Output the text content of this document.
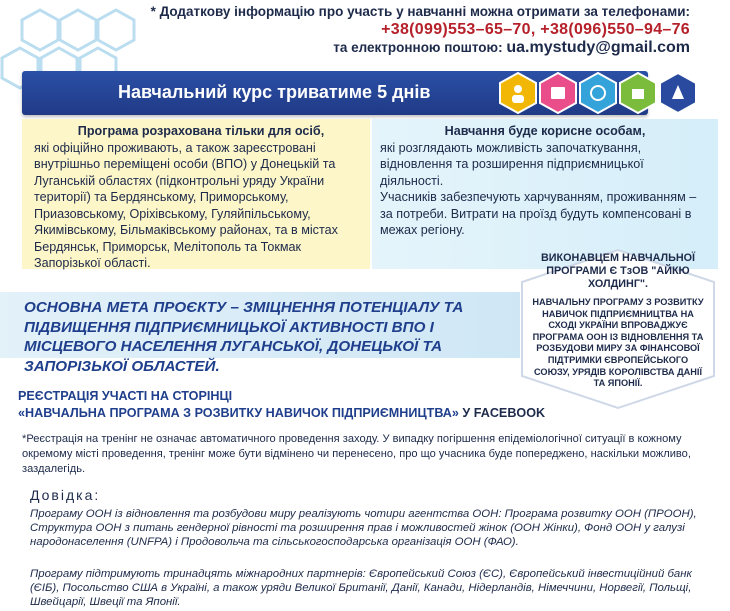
* Додаткову інформацію про участь у навчанні можна отримати за телефонами:
+38(099)553–65–70, +38(096)550–94–76
та електронною поштою: ua.mystudy@gmail.com
Навчальний курс триватиме 5 днів
Програма розрахована тільки для осіб,
які офіційно проживають, а також зареєстровані внутрішньо переміщені особи (ВПО) у Донецькій та Луганській областях (підконтрольні уряду України території) та Бердянському, Приморському, Приазовському, Оріхівському, Гуляйпільському, Якимівському, Більмаківському районах, та в містах Бердянськ, Приморськ, Мелітополь та Токмак Запорізької області.
Навчання буде корисне особам,
які розглядають можливість започаткування, відновлення та розширення підприємницької діяльності.
Учасників забезпечують харчуванням, проживанням – за потреби. Витрати на проїзд будуть компенсовані в межах регіону.
ОСНОВНА МЕТА ПРОЄКТУ – ЗМІЦНЕННЯ ПОТЕНЦІАЛУ ТА ПІДВИЩЕННЯ ПІДПРИЄМНИЦЬКОЇ АКТИВНОСТІ ВПО І МІСЦЕВОГО НАСЕЛЕННЯ ЛУГАНСЬКОЇ, ДОНЕЦЬКОЇ ТА ЗАПОРІЗЬКОЇ ОБЛАСТЕЙ.
ВИКОНАВЦЕМ НАВЧАЛЬНОЇ ПРОГРАМИ Є ТзОВ "АЙКЮ ХОЛДИНГ".
НАВЧАЛЬНУ ПРОГРАМУ З РОЗВИТКУ НАВИЧОК ПІДПРИЄМНИЦТВА НА СХОДІ УКРАЇНИ ВПРОВАДЖУЄ ПРОГРАМА ООН ІЗ ВІДНОВЛЕННЯ ТА РОЗБУДОВИ МИРУ ЗА ФІНАНСОВОЇ ПІДТРИМКИ ЄВРОПЕЙСЬКОГО СОЮЗУ, УРЯДІВ КОРОЛІВСТВА ДАНІЇ ТА ЯПОНІЇ.
РЕЄСТРАЦІЯ УЧАСТІ НА СТОРІНЦІ
«НАВЧАЛЬНА ПРОГРАМА З РОЗВИТКУ НАВИЧОК ПІДПРИЄМНИЦТВА» У FACEBOOK
*Реєстрація на тренінг не означає автоматичного проведення заходу. У випадку погіршення епідеміологічної ситуації в кожному окремому місті проведення, тренінг може бути відмінено чи перенесено, про що учасника буде попереджено, наскільки можливо, заздалегідь.
Довідка:
Програму ООН із відновлення та розбудови миру реалізують чотири агентства ООН: Програма розвитку ООН (ПРООН), Структура ООН з питань гендерної рівності та розширення прав і можливостей жінок (ООН Жінки), Фонд ООН у галузі народонаселення (UNFPA) і Продовольча та сільськогосподарська організація ООН (ФАО).
Програму підтримують тринадцять міжнародних партнерів: Європейський Союз (ЄС), Європейський інвестиційний банк (ЄІБ), Посольство США в Україні, а також уряди Великої Британії, Данії, Канади, Нідерландів, Німеччини, Норвегії, Польщі, Швейцарії, Швеції та Японії.
